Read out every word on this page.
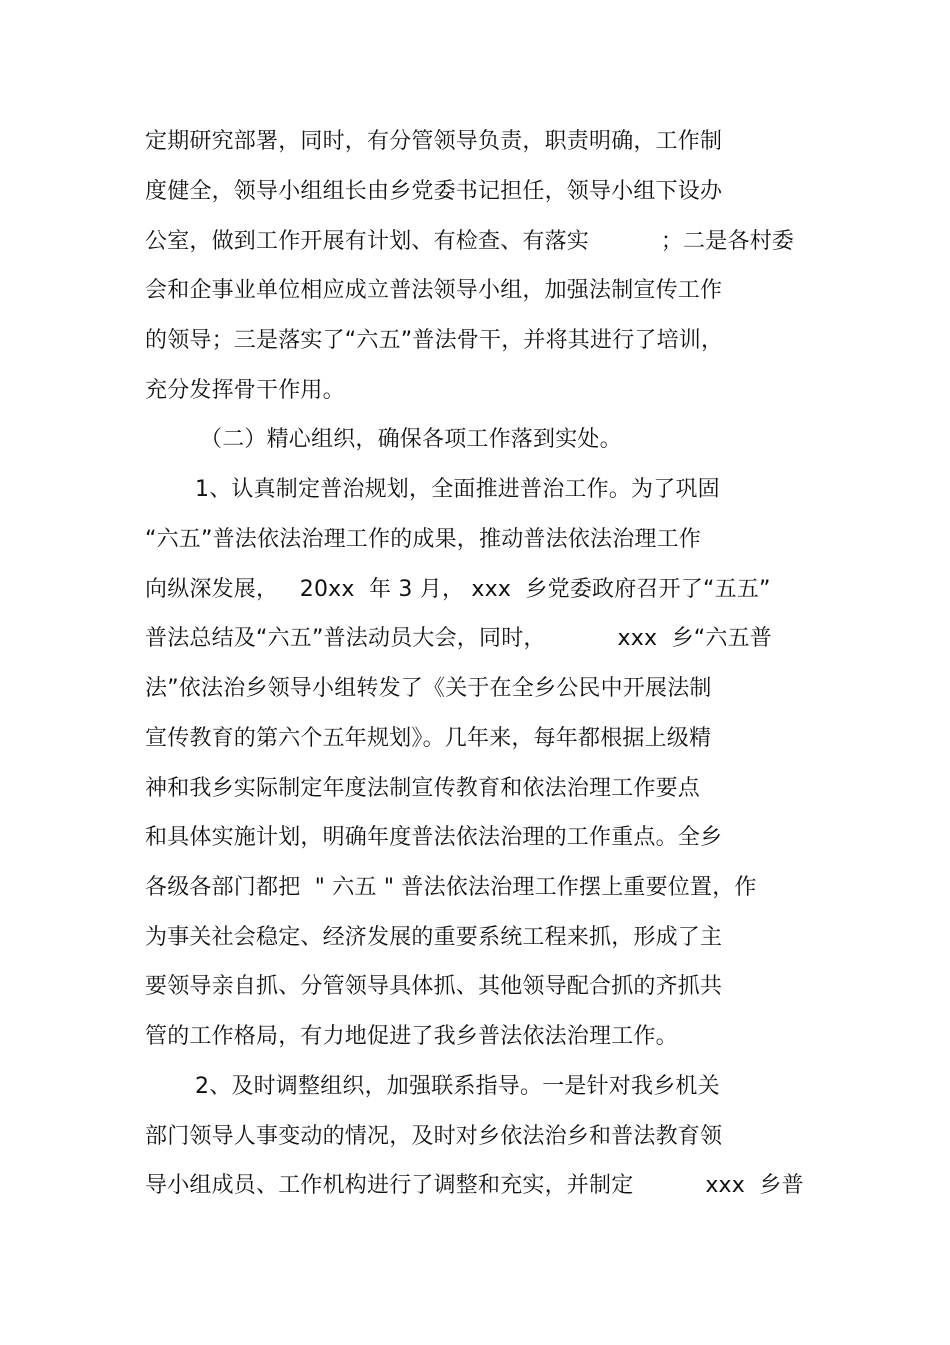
定期研究部署，同时，有分管领导负责，职责明确，工作制
度健全，领导小组组长由乡党委书记担任，领导小组下设办
公室，做到工作开展有计划、有检查、有落实          ；二是各村委
会和企事业单位相应成立普法领导小组，加强法制宣传工作
的领导；三是落实了“六五”普法骨干，并将其进行了培训，
充分发挥骨干作用。
（二）精心组织，确保各项工作落到实处。
1、认真制定普治规划，全面推进普治工作。为了巩固
“六五”普法依法治理工作的成果，推动普法依法治理工作
向纵深发展，   20xx  年 3 月， xxx  乡党委政府召开了“五五”
普法总结及“六五”普法动员大会，同时，          xxx  乡“六五普
法”依法治乡领导小组转发了《关于在全乡公民中开展法制
宣传教育的第六个五年规划》。几年来，每年都根据上级精
神和我乡实际制定年度法制宣传教育和依法治理工作要点
和具体实施计划，明确年度普法依法治理的工作重点。全乡
各级各部门都把  " 六五 " 普法依法治理工作摆上重要位置，作
为事关社会稳定、经济发展的重要系统工程来抓，形成了主
要领导亲自抓、分管领导具体抓、其他领导配合抓的齐抓共
管的工作格局，有力地促进了我乡普法依法治理工作。
2、及时调整组织，加强联系指导。一是针对我乡机关
部门领导人事变动的情况，及时对乡依法治乡和普法教育领
导小组成员、工作机构进行了调整和充实，并制定          xxx  乡普
